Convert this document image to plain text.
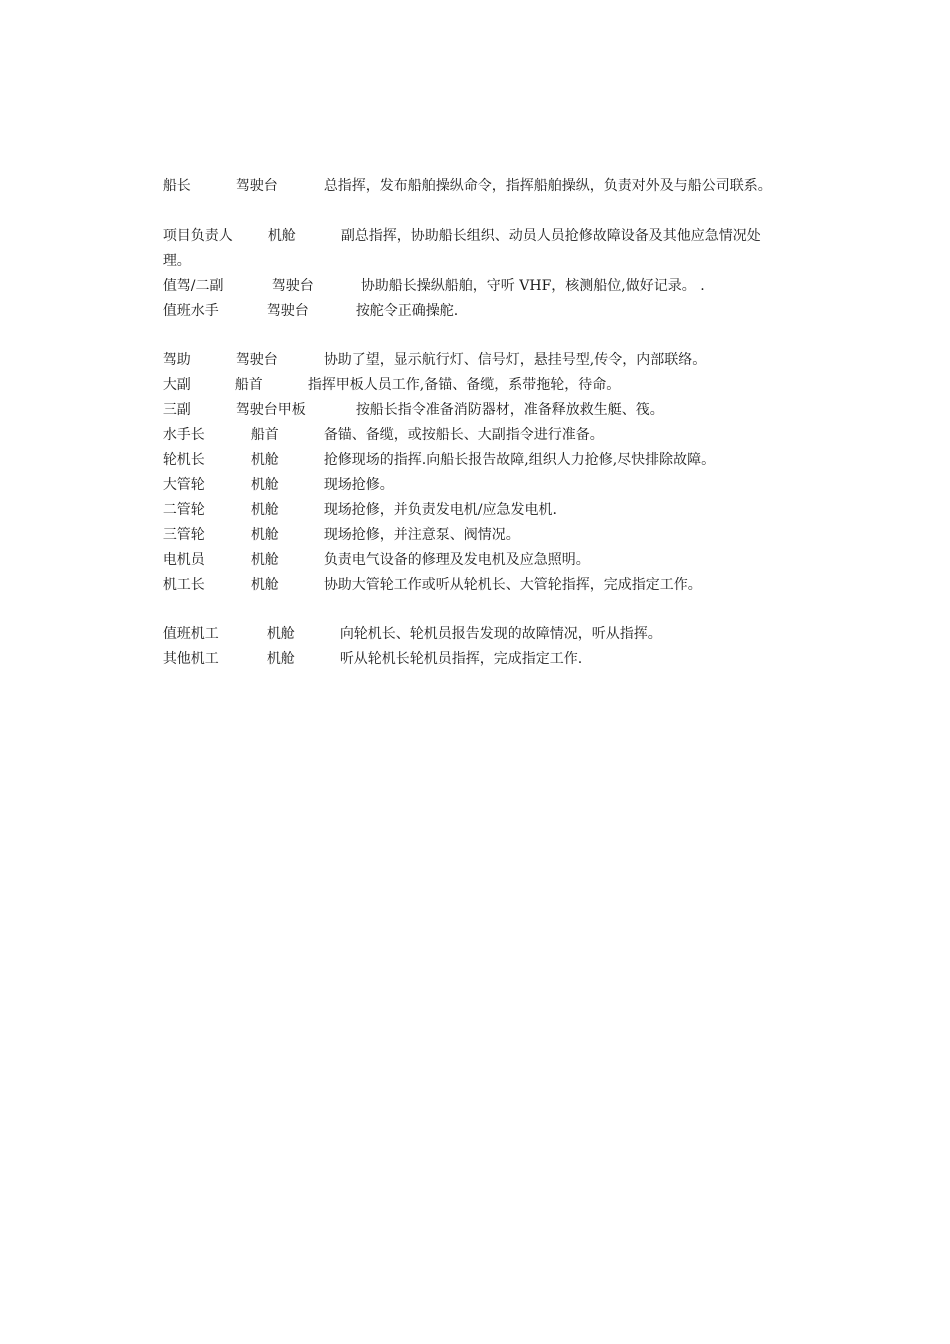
船长	驾驶台	总指挥，发布船舶操纵命令，指挥船舶操纵，负责对外及与船公司联系。

项目负责人	机舱	副总指挥，协助船长组织、动员人员抢修故障设备及其他应急情况处

理。

值驾/二副	驾驶台	协助船长操纵船舶，守听 VHF，核测船位,做好记录。 .

值班水手	驾驶台	按舵令正确操舵.

驾助	驾驶台	协助了望，显示航行灯、信号灯，悬挂号型,传令，内部联络。

大副	船首	指挥甲板人员工作,备锚、备缆，系带拖轮，待命。

三副	驾驶台甲板	按船长指令准备消防器材，准备释放救生艇、筏。

水手长	船首	备锚、备缆，或按船长、大副指令进行准备。

轮机长	机舱	抢修现场的指挥.向船长报告故障,组织人力抢修,尽快排除故障。

大管轮	机舱	现场抢修。

二管轮	机舱	现场抢修，并负责发电机/应急发电机.

三管轮	机舱	现场抢修，并注意泵、阀情况。

电机员	机舱	负责电气设备的修理及发电机及应急照明。

机工长	机舱	协助大管轮工作或听从轮机长、大管轮指挥，完成指定工作。

值班机工	机舱	向轮机长、轮机员报告发现的故障情况，听从指挥。

其他机工	机舱	听从轮机长轮机员指挥，完成指定工作.
